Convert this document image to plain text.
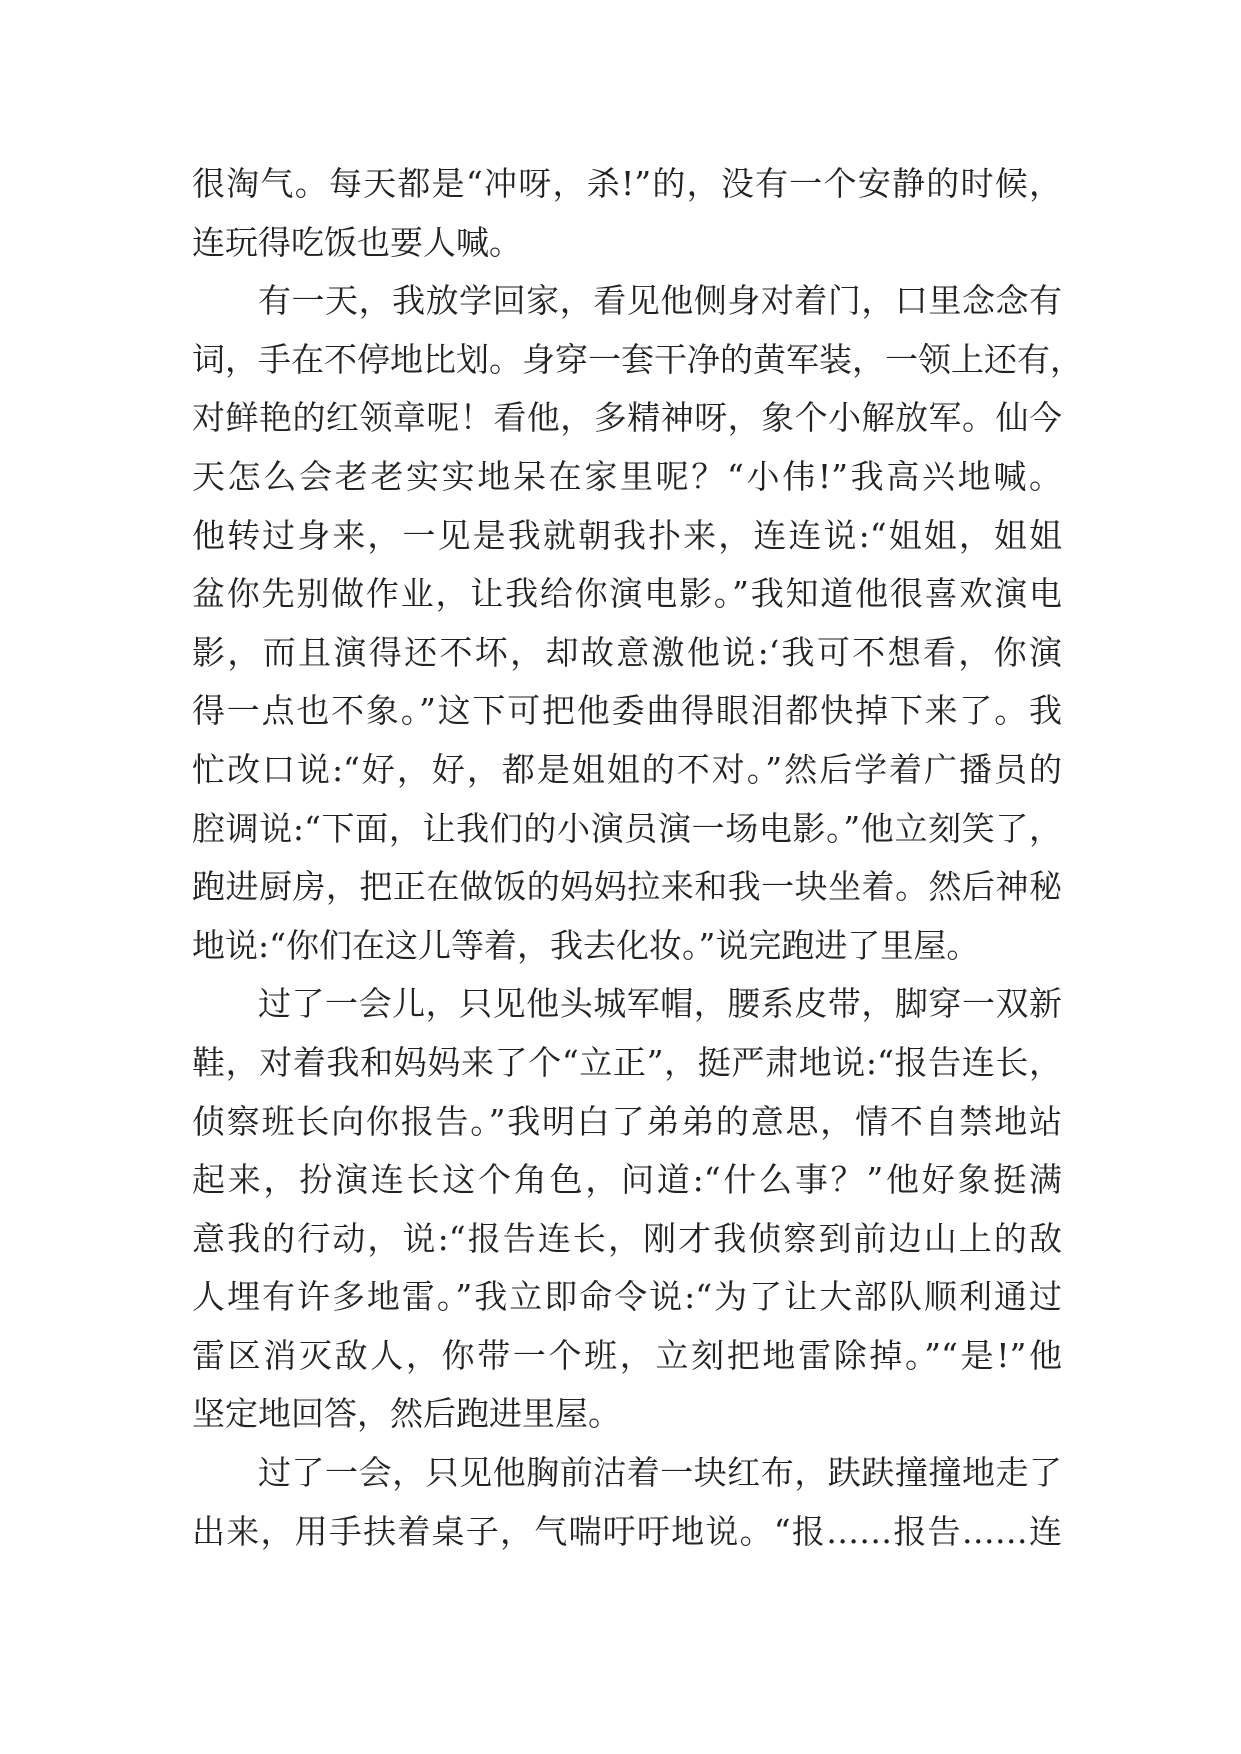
很淘气。每天都是“冲呀，杀!”的，没有一个安静的时候，
连玩得吃饭也要人喊。
有一天，我放学回家，看见他侧身对着门，口里念念有
词，手在不停地比划。身穿一套干净的黄军装，一领上还有，
对鲜艳的红领章呢！看他，多精神呀，象个小解放军。仙今
天怎么会老老实实地呆在家里呢？“小伟!”我高兴地喊。
他转过身来，一见是我就朝我扑来，连连说:“姐姐，姐姐
盆你先别做作业，让我给你演电影。”我知道他很喜欢演电
影，而且演得还不坏，却故意激他说:‘我可不想看，你演
得一点也不象。”这下可把他委曲得眼泪都快掉下来了。我
忙改口说:“好，好，都是姐姐的不对。”然后学着广播员的
腔调说:“下面，让我们的小演员演一场电影。”他立刻笑了，
跑进厨房，把正在做饭的妈妈拉来和我一块坐着。然后神秘
地说:“你们在这儿等着，我去化妆。”说完跑进了里屋。
过了一会儿，只见他头城军帽，腰系皮带，脚穿一双新
鞋，对着我和妈妈来了个“立正”，挺严肃地说:“报告连长，
侦察班长向你报告。”我明白了弟弟的意思，情不自禁地站
起来，扮演连长这个角色，问道:“什么事？”他好象挺满
意我的行动，说:“报告连长，刚才我侦察到前边山上的敌
人埋有许多地雷。”我立即命令说:“为了让大部队顺利通过
雷区消灭敌人，你带一个班，立刻把地雷除掉。”“是!”他
坚定地回答，然后跑进里屋。
过了一会，只见他胸前沽着一块红布，趺趺撞撞地走了
出来，用手扶着桌子，气喘吁吁地说。“报……报告……连
